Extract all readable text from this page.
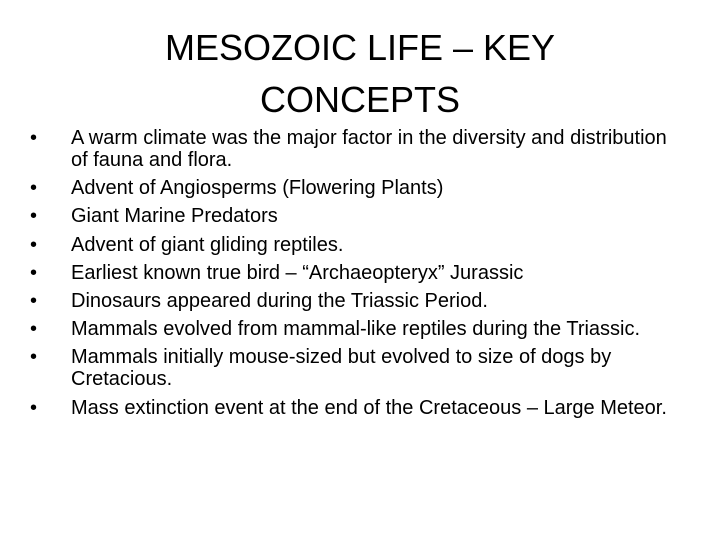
MESOZOIC LIFE – KEY CONCEPTS
•	A warm climate was the major factor in the diversity and distribution of fauna and flora.
•	Advent of Angiosperms (Flowering Plants)
•	Giant Marine Predators
•	Advent of giant gliding reptiles.
•	Earliest known true bird – “Archaeopteryx” Jurassic
•	Dinosaurs appeared during the Triassic Period.
•	Mammals evolved from mammal-like reptiles during the Triassic.
•	Mammals initially mouse-sized but evolved to size of dogs by Cretacious.
•	Mass extinction event at the end of the Cretaceous – Large Meteor.
